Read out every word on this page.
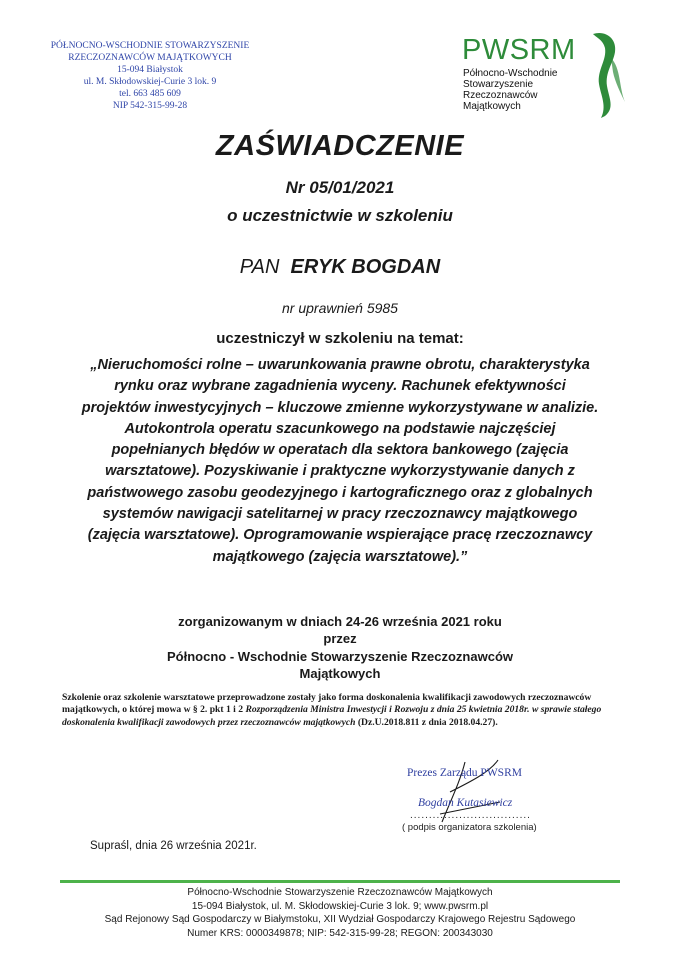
PÓŁNOCNO-WSCHODNIE STOWARZYSZENIE
RZECZOZNAWCÓW MAJĄTKOWYCH
15-094 Białystok
ul. M. Skłodowskiej-Curie 3 lok. 9
tel. 663 485 609
NIP 542-315-99-28
PWSRM
Północno-Wschodnie
Stowarzyszenie
Rzeczoznawców
Majątkowych
ZAŚWIADCZENIE
Nr 05/01/2021
o uczestnictwie w szkoleniu
PAN ERYK BOGDAN
nr uprawnień 5985
uczestniczył w szkoleniu na temat:
„Nieruchomości rolne – uwarunkowania prawne obrotu, charakterystyka rynku oraz wybrane zagadnienia wyceny. Rachunek efektywności projektów inwestycyjnych – kluczowe zmienne wykorzystywane w analizie. Autokontrola operatu szacunkowego na podstawie najczęściej popełnianych błędów w operatach dla sektora bankowego (zajęcia warsztatowe). Pozyskiwanie i praktyczne wykorzystywanie danych z państwowego zasobu geodezyjnego i kartograficznego oraz z globalnych systemów nawigacji satelitarnej w pracy rzeczoznawcy majątkowego (zajęcia warsztatowe). Oprogramowanie wspierające pracę rzeczoznawcy majątkowego (zajęcia warsztatowe).”
zorganizowanym w dniach 24-26 września 2021 roku
przez
Północno - Wschodnie Stowarzyszenie Rzeczoznawców
Majątkowych
Szkolenie oraz szkolenie warsztatowe przeprowadzone zostały jako forma doskonalenia kwalifikacji zawodowych rzeczoznawców majątkowych, o której mowa w § 2. pkt 1 i 2 Rozporządzenia Ministra Inwestycji i Rozwoju z dnia 25 kwietnia 2018r. w sprawie stałego doskonalenia kwalifikacji zawodowych przez rzeczoznawców majątkowych (Dz.U.2018.811 z dnia 2018.04.27).
Prezes Zarządu PWSRM
Bogdan Kutasiewicz
................................
( podpis organizatora szkolenia)
Supraśl, dnia 26 września 2021r.
Północno-Wschodnie Stowarzyszenie Rzeczoznawców Majątkowych
15-094 Białystok, ul. M. Skłodowskiej-Curie 3 lok. 9; www.pwsrm.pl
Sąd Rejonowy Sąd Gospodarczy w Białymstoku, XII Wydział Gospodarczy Krajowego Rejestru Sądowego
Numer KRS: 0000349878; NIP: 542-315-99-28; REGON: 200343030
